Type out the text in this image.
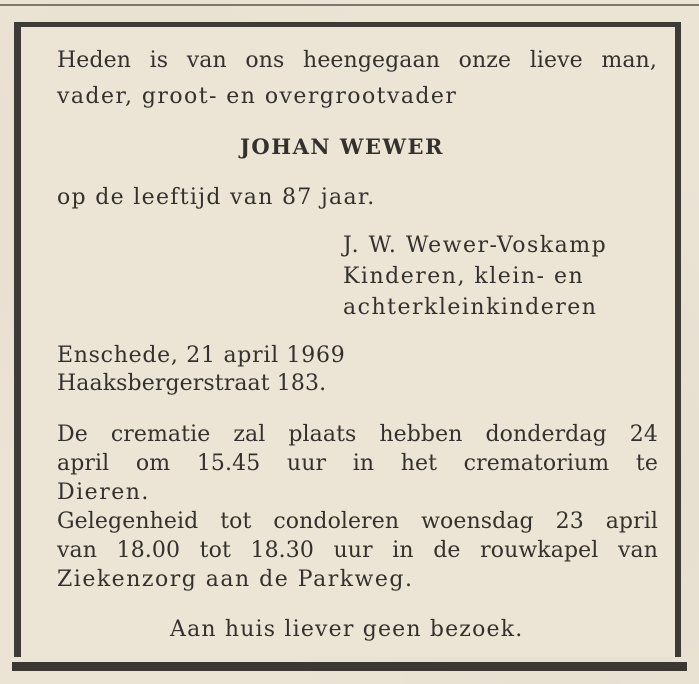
Heden is van ons heengegaan onze lieve man,
vader, groot- en overgrootvader
JOHAN WEWER
op de leeftijd van 87 jaar.
J. W. Wewer-Voskamp
Kinderen, klein- en
achterkleinkinderen
Enschede, 21 april 1969
Haaksbergerstraat 183.
De crematie zal plaats hebben donderdag 24
april om 15.45 uur in het crematorium te
Dieren.
Gelegenheid tot condoleren woensdag 23 april
van 18.00 tot 18.30 uur in de rouwkapel van
Ziekenzorg aan de Parkweg.
Aan huis liever geen bezoek.
